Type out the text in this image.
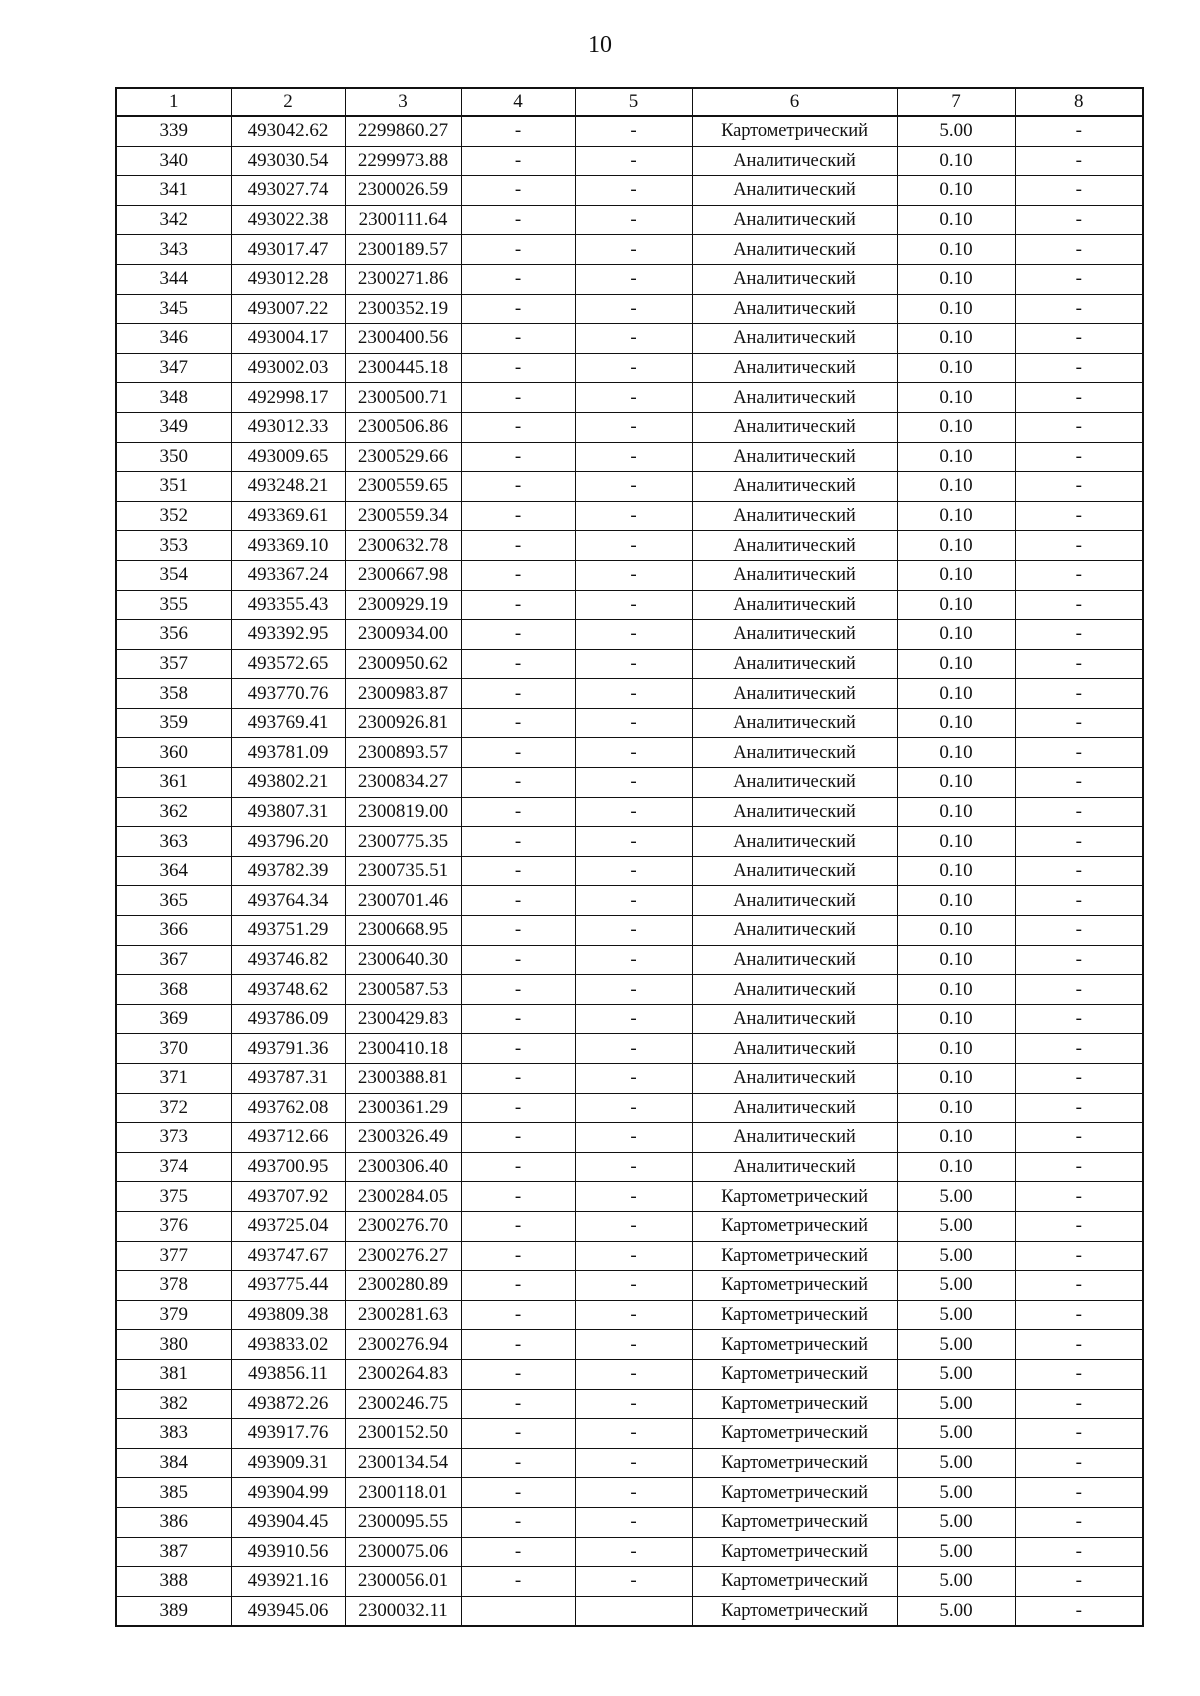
10
1	2	3	4	5	6	7	8
339	493042.62	2299860.27	-	-	Картометрический	5.00	-
340	493030.54	2299973.88	-	-	Аналитический	0.10	-
341	493027.74	2300026.59	-	-	Аналитический	0.10	-
342	493022.38	2300111.64	-	-	Аналитический	0.10	-
343	493017.47	2300189.57	-	-	Аналитический	0.10	-
344	493012.28	2300271.86	-	-	Аналитический	0.10	-
345	493007.22	2300352.19	-	-	Аналитический	0.10	-
346	493004.17	2300400.56	-	-	Аналитический	0.10	-
347	493002.03	2300445.18	-	-	Аналитический	0.10	-
348	492998.17	2300500.71	-	-	Аналитический	0.10	-
349	493012.33	2300506.86	-	-	Аналитический	0.10	-
350	493009.65	2300529.66	-	-	Аналитический	0.10	-
351	493248.21	2300559.65	-	-	Аналитический	0.10	-
352	493369.61	2300559.34	-	-	Аналитический	0.10	-
353	493369.10	2300632.78	-	-	Аналитический	0.10	-
354	493367.24	2300667.98	-	-	Аналитический	0.10	-
355	493355.43	2300929.19	-	-	Аналитический	0.10	-
356	493392.95	2300934.00	-	-	Аналитический	0.10	-
357	493572.65	2300950.62	-	-	Аналитический	0.10	-
358	493770.76	2300983.87	-	-	Аналитический	0.10	-
359	493769.41	2300926.81	-	-	Аналитический	0.10	-
360	493781.09	2300893.57	-	-	Аналитический	0.10	-
361	493802.21	2300834.27	-	-	Аналитический	0.10	-
362	493807.31	2300819.00	-	-	Аналитический	0.10	-
363	493796.20	2300775.35	-	-	Аналитический	0.10	-
364	493782.39	2300735.51	-	-	Аналитический	0.10	-
365	493764.34	2300701.46	-	-	Аналитический	0.10	-
366	493751.29	2300668.95	-	-	Аналитический	0.10	-
367	493746.82	2300640.30	-	-	Аналитический	0.10	-
368	493748.62	2300587.53	-	-	Аналитический	0.10	-
369	493786.09	2300429.83	-	-	Аналитический	0.10	-
370	493791.36	2300410.18	-	-	Аналитический	0.10	-
371	493787.31	2300388.81	-	-	Аналитический	0.10	-
372	493762.08	2300361.29	-	-	Аналитический	0.10	-
373	493712.66	2300326.49	-	-	Аналитический	0.10	-
374	493700.95	2300306.40	-	-	Аналитический	0.10	-
375	493707.92	2300284.05	-	-	Картометрический	5.00	-
376	493725.04	2300276.70	-	-	Картометрический	5.00	-
377	493747.67	2300276.27	-	-	Картометрический	5.00	-
378	493775.44	2300280.89	-	-	Картометрический	5.00	-
379	493809.38	2300281.63	-	-	Картометрический	5.00	-
380	493833.02	2300276.94	-	-	Картометрический	5.00	-
381	493856.11	2300264.83	-	-	Картометрический	5.00	-
382	493872.26	2300246.75	-	-	Картометрический	5.00	-
383	493917.76	2300152.50	-	-	Картометрический	5.00	-
384	493909.31	2300134.54	-	-	Картометрический	5.00	-
385	493904.99	2300118.01	-	-	Картометрический	5.00	-
386	493904.45	2300095.55	-	-	Картометрический	5.00	-
387	493910.56	2300075.06	-	-	Картометрический	5.00	-
388	493921.16	2300056.01	-	-	Картометрический	5.00	-
389	493945.06	2300032.11			Картометрический	5.00	-
